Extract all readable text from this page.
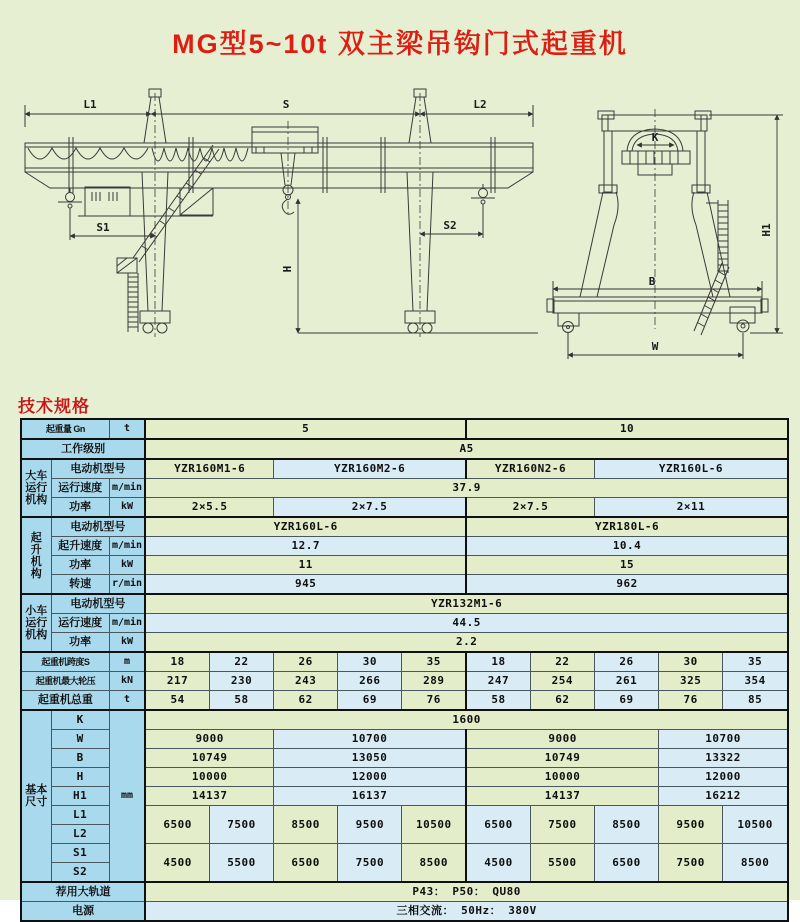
MG型5~10t 双主梁吊钩门式起重机
L1	S	L2
S1	S2
H
K
B
W
H1
技术规格
起重量 Gn		t	5					10				
工作级别			A5									

大车
运行
机构	电动机型号		YZR160M1-6		YZR160M2-6			YZR160N2-6		YZR160L-6		
	运行速度	m/min	37.9									
	功率	kW	2×5.5		2×7.5			2×7.5		2×11		

起
升
机
构	电动机型号		YZR160L-6					YZR180L-6				
	起升速度	m/min	12.7					10.4				
	功率	kW	11					15				
	转速	r/min	945					962				

小车
运行
机构	电动机型号		YZR132M1-6									
	运行速度	m/min	44.5									
	功率	kW	2.2									
起重机跨度S		m	18	22	26	30	35	18	22	26	30	35
起重机最大轮压		kN	217	230	243	266	289	247	254	261	325	354
起重机总重		t	54	58	62	69	76	58	62	69	76	85

基本
尺寸	K	mm	1600									
	W		9000		10700			9000			10700	
	B		10749		13050			10749			13322	
	H		10000		12000			10000			12000	
	H1		14137		16137			14137			16212	
	L1		6500	7500	8500	9500	10500	6500	7500	8500	9500	10500
	L2											
	S1		4500	5500	6500	7500	8500	4500	5500	6500	7500	8500
	S2											
荐用大轨道			P43： P50： QU80									
电源			三相交流： 50Hz： 380V									
